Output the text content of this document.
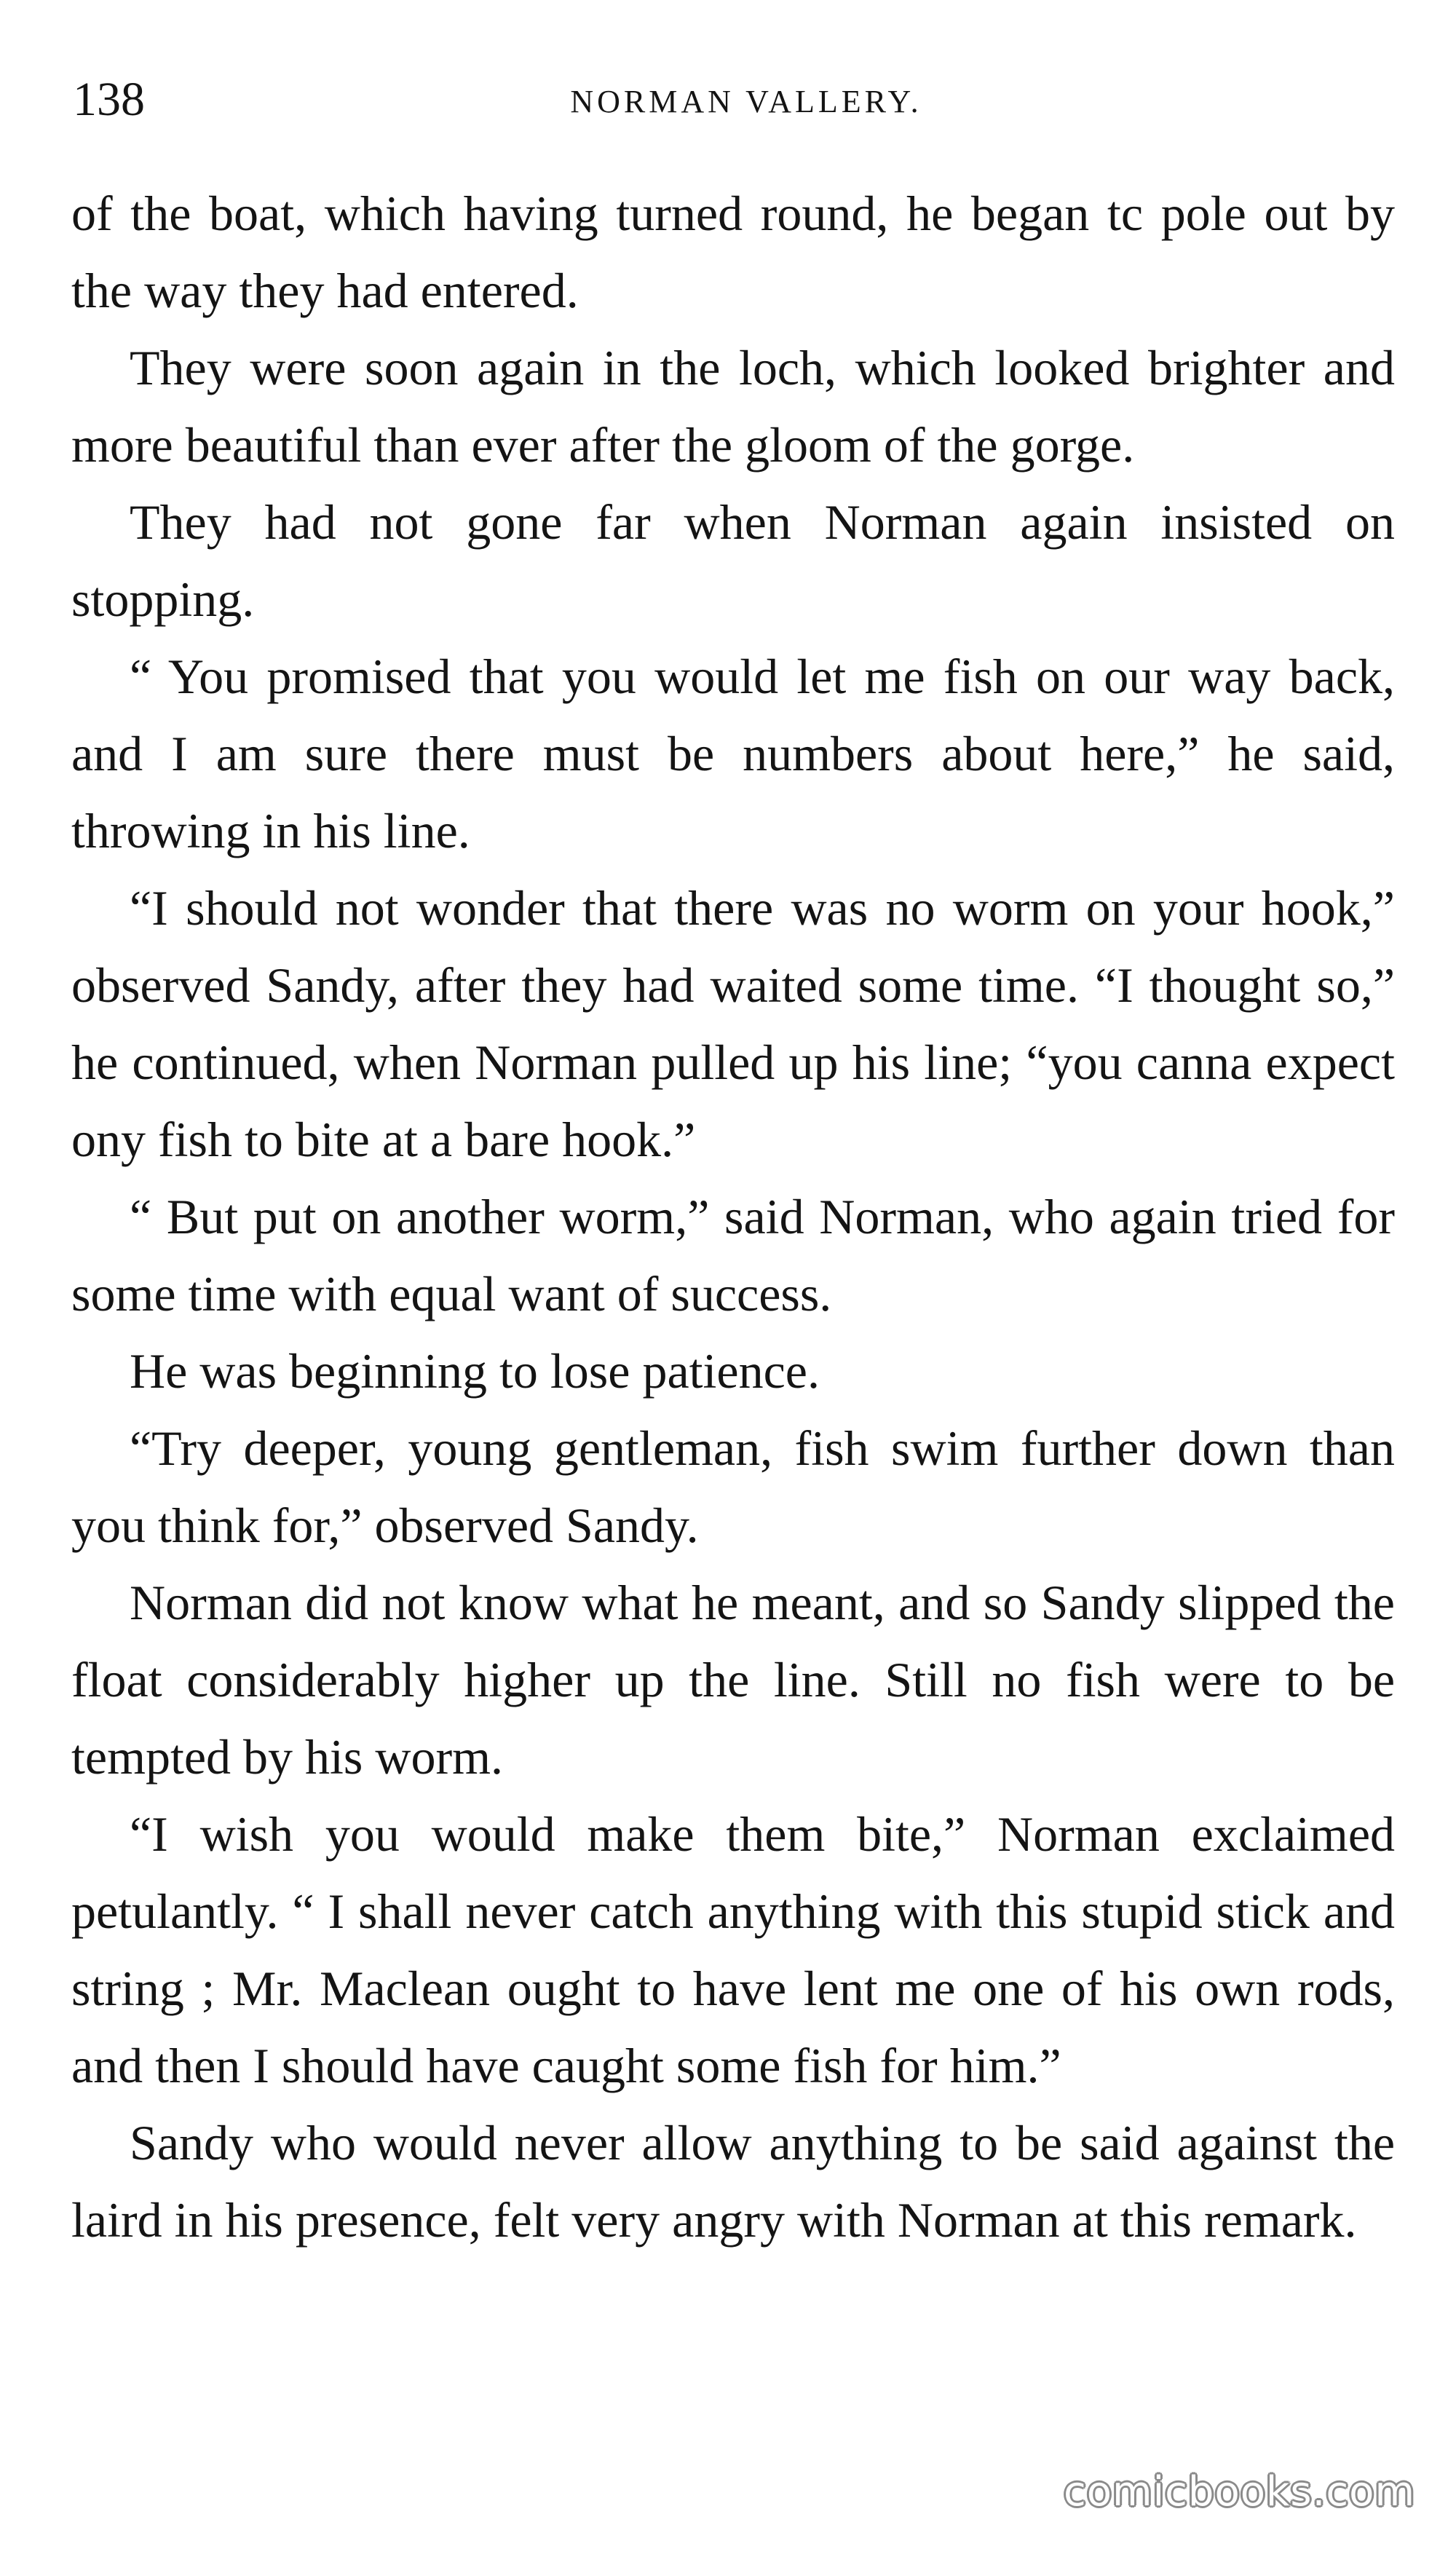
138	NORMAN VALLERY.

of the boat, which having turned round, he began tc pole out by the way they had entered.

They were soon again in the loch, which looked brighter and more beautiful than ever after the gloom of the gorge.

They had not gone far when Norman again insisted on stopping.

“ You promised that you would let me fish on our way back, and I am sure there must be numbers about here,” he said, throwing in his line.

“I should not wonder that there was no worm on your hook,” observed Sandy, after they had waited some time. “I thought so,” he continued, when Norman pulled up his line; “you canna expect ony fish to bite at a bare hook.”

“ But put on another worm,” said Norman, who again tried for some time with equal want of success.

He was beginning to lose patience.

“Try deeper, young gentleman, fish swim further down than you think for,” observed Sandy.

Norman did not know what he meant, and so Sandy slipped the float considerably higher up the line. Still no fish were to be tempted by his worm.

“I wish you would make them bite,” Norman exclaimed petulantly. “ I shall never catch anything with this stupid stick and string ; Mr. Maclean ought to have lent me one of his own rods, and then I should have caught some fish for him.”

Sandy who would never allow anything to be said against the laird in his presence, felt very angry with Norman at this remark.

comicbooks.com
